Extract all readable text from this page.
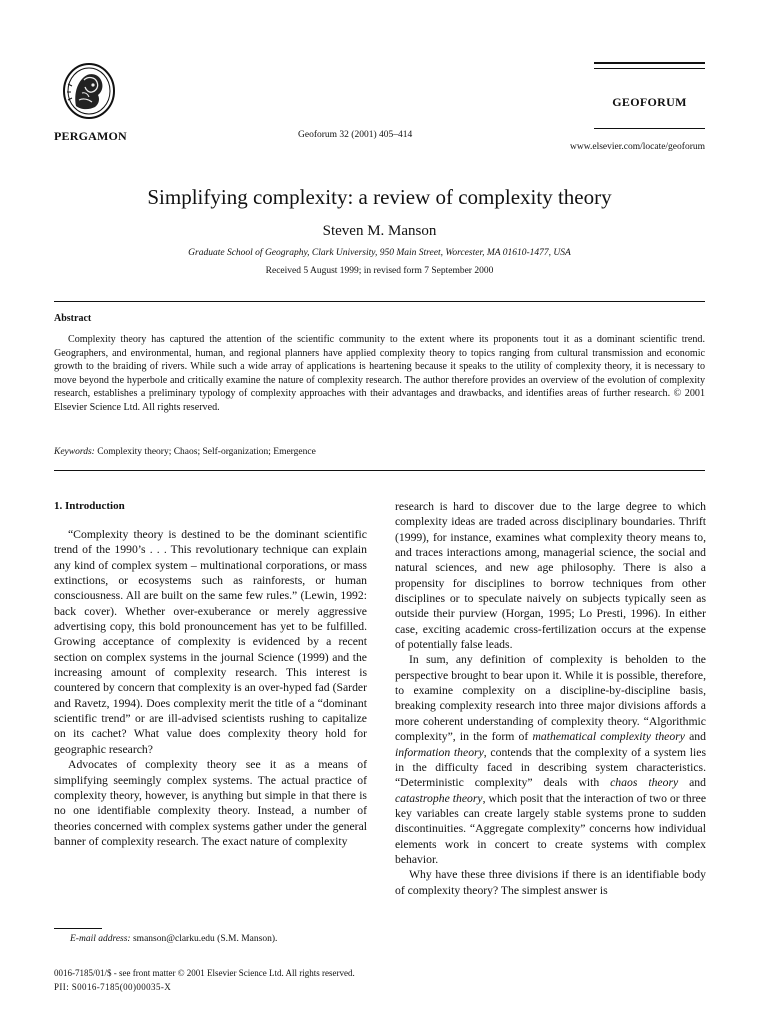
PERGAMON	Geoforum 32 (2001) 405–414
GEOFORUM
www.elsevier.com/locate/geoforum
Simplifying complexity: a review of complexity theory
Steven M. Manson
Graduate School of Geography, Clark University, 950 Main Street, Worcester, MA 01610-1477, USA
Received 5 August 1999; in revised form 7 September 2000
Abstract
Complexity theory has captured the attention of the scientific community to the extent where its proponents tout it as a dominant scientific trend. Geographers, and environmental, human, and regional planners have applied complexity theory to topics ranging from cultural transmission and economic growth to the braiding of rivers. While such a wide array of applications is heartening because it speaks to the utility of complexity theory, it is necessary to move beyond the hyperbole and critically examine the nature of complexity research. The author therefore provides an overview of the evolution of complexity research, establishes a preliminary typology of complexity approaches with their advantages and drawbacks, and identifies areas of further research. © 2001 Elsevier Science Ltd. All rights reserved.
Keywords: Complexity theory; Chaos; Self-organization; Emergence
1. Introduction

“Complexity theory is destined to be the dominant scientific trend of the 1990’s . . . This revolutionary technique can explain any kind of complex system – multinational corporations, or mass extinctions, or ecosystems such as rainforests, or human consciousness. All are built on the same few rules.” (Lewin, 1992: back cover). Whether over-exuberance or merely aggressive advertising copy, this bold pronouncement has yet to be fulfilled. Growing acceptance of complexity is evidenced by a recent section on complex systems in the journal Science (1999) and the increasing amount of complexity research. This interest is countered by concern that complexity is an over-hyped fad (Sarder and Ravetz, 1994). Does complexity merit the title of a “dominant scientific trend” or are ill-advised scientists rushing to capitalize on its cachet? What value does complexity theory hold for geographic research?

Advocates of complexity theory see it as a means of simplifying seemingly complex systems. The actual practice of complexity theory, however, is anything but simple in that there is no one identifiable complexity theory. Instead, a number of theories concerned with complex systems gather under the general banner of complexity research. The exact nature of complexity

research is hard to discover due to the large degree to which complexity ideas are traded across disciplinary boundaries. Thrift (1999), for instance, examines what complexity theory means to, and traces interactions among, managerial science, the social and natural sciences, and new age philosophy. There is also a propensity for disciplines to borrow techniques from other disciplines or to speculate naively on subjects typically seen as outside their purview (Horgan, 1995; Lo Presti, 1996). In either case, exciting academic cross-fertilization occurs at the expense of potentially false leads.

In sum, any definition of complexity is beholden to the perspective brought to bear upon it. While it is possible, therefore, to examine complexity on a discipline-by-discipline basis, breaking complexity research into three major divisions affords a more coherent understanding of complexity theory. “Algorithmic complexity”, in the form of mathematical complexity theory and information theory, contends that the complexity of a system lies in the difficulty faced in describing system characteristics. “Deterministic complexity” deals with chaos theory and catastrophe theory, which posit that the interaction of two or three key variables can create largely stable systems prone to sudden discontinuities. “Aggregate complexity” concerns how individual elements work in concert to create systems with complex behavior.

Why have these three divisions if there is an identifiable body of complexity theory? The simplest answer is

E-mail address: smanson@clarku.edu (S.M. Manson).
0016-7185/01/$ - see front matter © 2001 Elsevier Science Ltd. All rights reserved.
PII: S0016-7185(00)00035-X
